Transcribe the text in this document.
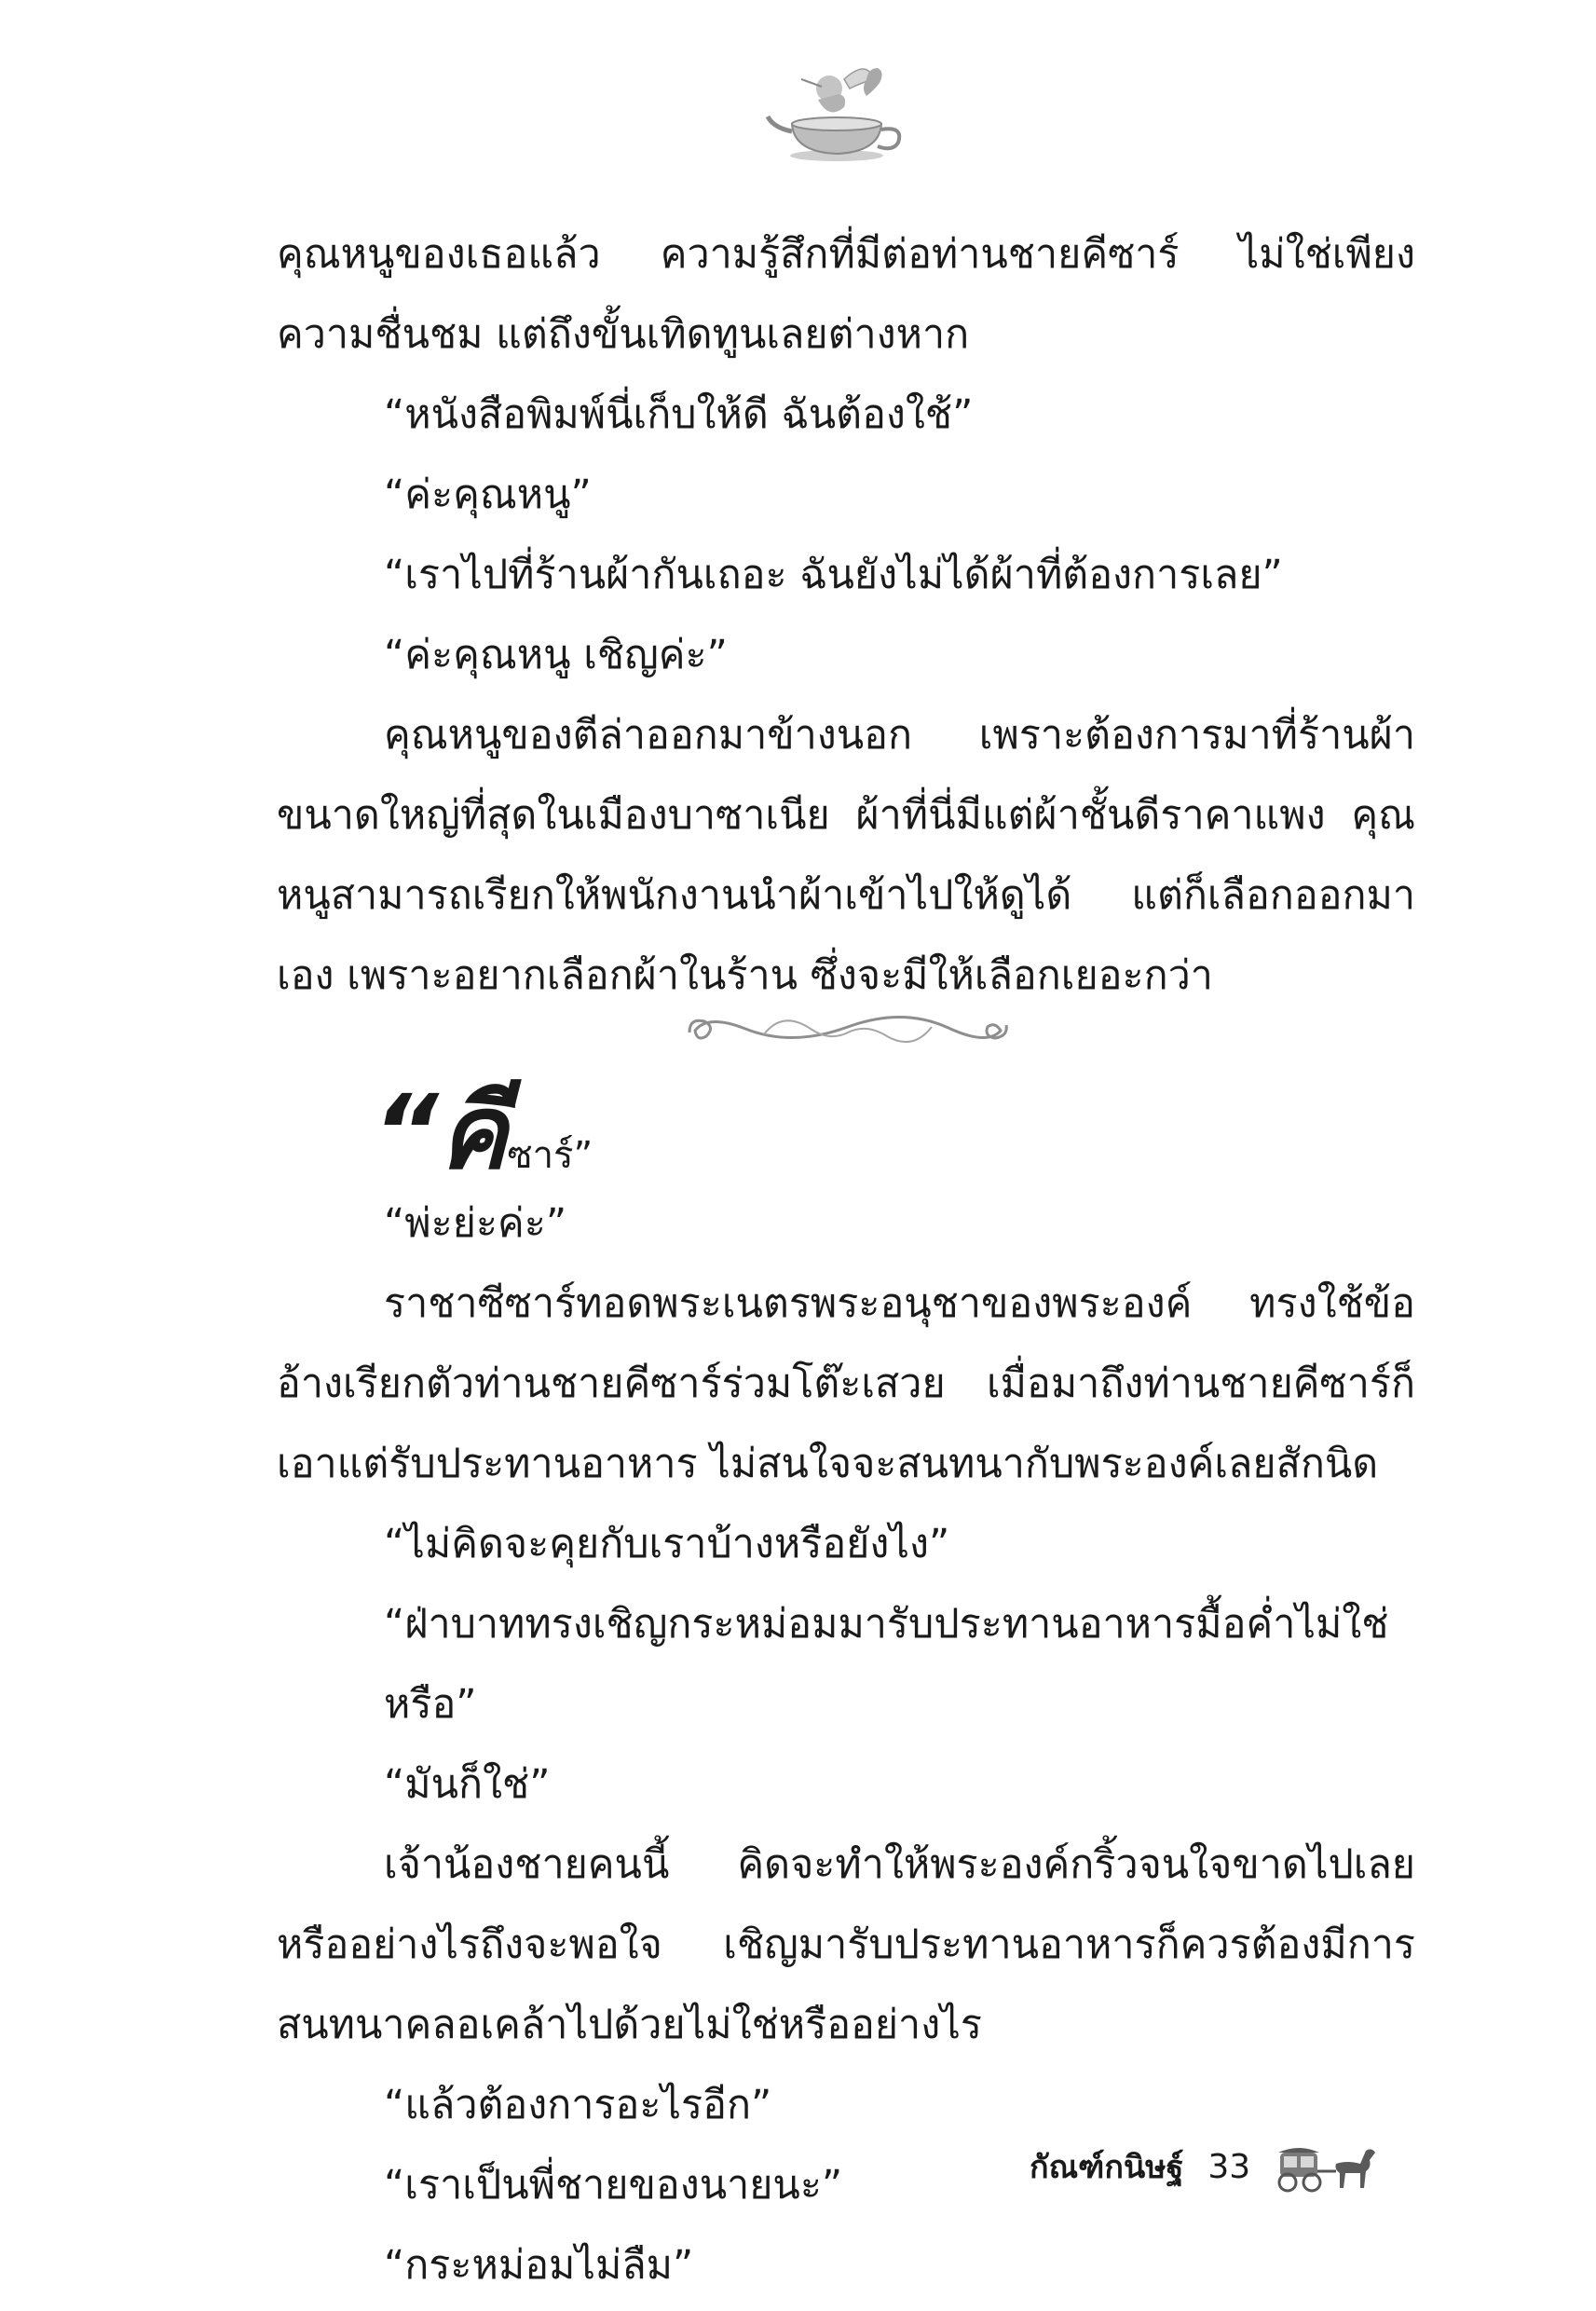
คุณหนูของเธอแล้ว ความรู้สึกที่มีต่อท่านชายคีซาร์ ไม่ใช่เพียงความชื่นชม แต่ถึงขั้นเทิดทูนเลยต่างหาก

“หนังสือพิมพ์นี่เก็บให้ดี ฉันต้องใช้”

“ค่ะคุณหนู”

“เราไปที่ร้านผ้ากันเถอะ ฉันยังไม่ได้ผ้าที่ต้องการเลย”

“ค่ะคุณหนู เชิญค่ะ”

คุณหนูของตีล่าออกมาข้างนอก เพราะต้องการมาที่ร้านผ้าขนาดใหญ่ที่สุดในเมืองบาซาเนีย ผ้าที่นี่มีแต่ผ้าชั้นดีราคาแพง คุณหนูสามารถเรียกให้พนักงานนำผ้าเข้าไปให้ดูได้ แต่ก็เลือกออกมาเอง เพราะอยากเลือกผ้าในร้าน ซึ่งจะมีให้เลือกเยอะกว่า

“คีซาร์”

“พ่ะย่ะค่ะ”

ราชาซีซาร์ทอดพระเนตรพระอนุชาของพระองค์ ทรงใช้ข้ออ้างเรียกตัวท่านชายคีซาร์ร่วมโต๊ะเสวย เมื่อมาถึงท่านชายคีซาร์ก็เอาแต่รับประทานอาหาร ไม่สนใจจะสนทนากับพระองค์เลยสักนิด

“ไม่คิดจะคุยกับเราบ้างหรือยังไง”

“ฝ่าบาททรงเชิญกระหม่อมมารับประทานอาหารมื้อค่ำไม่ใช่หรือ”

“มันก็ใช่”

เจ้าน้องชายคนนี้ คิดจะทำให้พระองค์กริ้วจนใจขาดไปเลยหรืออย่างไรถึงจะพอใจ เชิญมารับประทานอาหารก็ควรต้องมีการสนทนาคลอเคล้าไปด้วยไม่ใช่หรืออย่างไร

“แล้วต้องการอะไรอีก”

“เราเป็นพี่ชายของนายนะ”

“กระหม่อมไม่ลืม”

กัณฑ์กนิษฐ์ 33
